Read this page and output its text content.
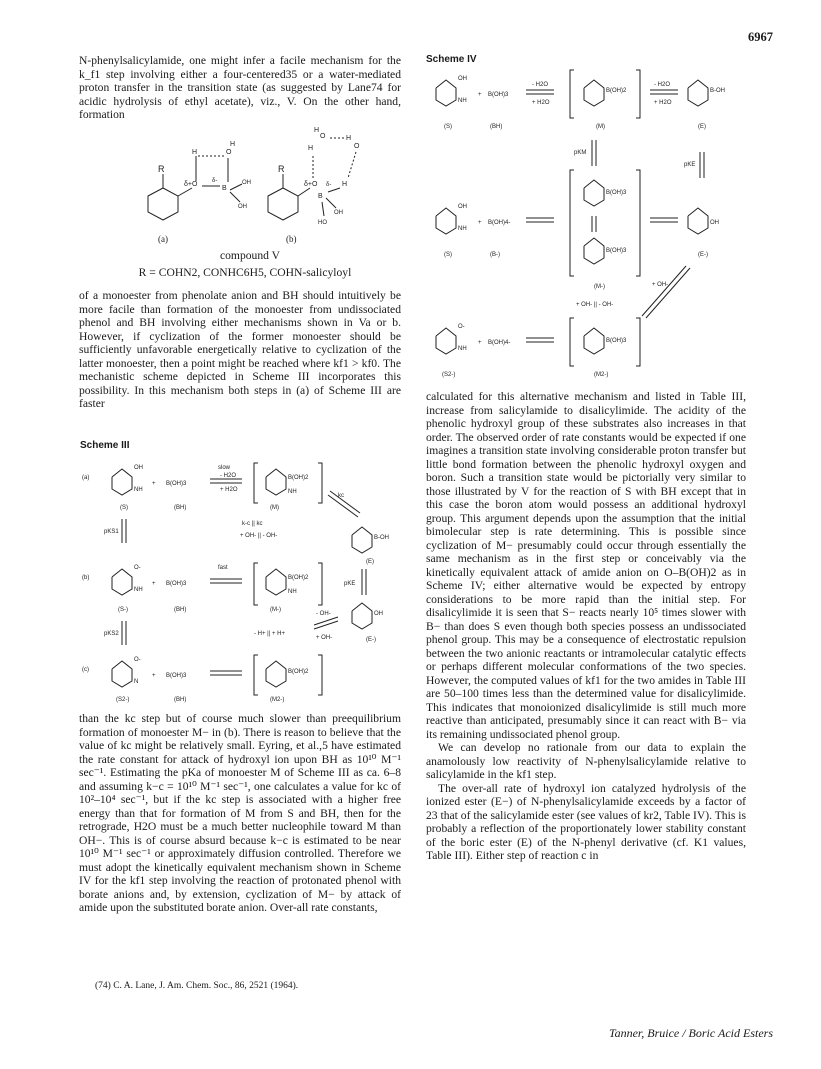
6967

N-phenylsalicylamide, one might infer a facile mechanism for the k_f1 step involving either a four-centered35 or a water-mediated proton transfer in the transition state (as suggested by Lane74 for acidic hydrolysis of ethyl acetate), viz., V. On the other hand, formation

R
δ+O
H	O
H
B
δ-	OH
OH
R
δ+O
H
O
H
H
O
H
B
δ-
HO
OH
(a)	(b)
compound V
R = COHN2, CONHC6H5, COHN-salicyloyl

of a monoester from phenolate anion and BH should intuitively be more facile than formation of the monoester from undissociated phenol and BH involving either mechanisms shown in Va or b. However, if cyclization of the former monoester should be sufficiently unfavorable energetically relative to cyclization of the latter monoester, then a point might be reached where kf1 > kf0. The mechanistic scheme depicted in Scheme III incorporates this possibility. In this mechanism both steps in (a) of Scheme III are faster

Scheme III
(a)
OH
NH
+ B(OH)3
slow
- H2O
+ H2O
B(OH)2
NH
(S)	(BH)	(M)
kc
B-OH
(E)
pKS1
k-c || kc
+ OH- || - OH-
(b)
O-
NH
+ B(OH)3
fast
B(OH)2
NH
(S-)	(BH)	(M-)
pKE
pKS2	- H+ || + H+
OH
(E-)
- OH-
+ OH-
(c)
O-
N
+ B(OH)3
B(OH)2
(S2-)	(BH)	(M2-)

than the kc step but of course much slower than preequilibrium formation of monoester M− in (b). There is reason to believe that the value of kc might be relatively small. Eyring, et al.,5 have estimated the rate constant for attack of hydroxyl ion upon BH as 10¹⁰ M⁻¹ sec⁻¹. Estimating the pKa of monoester M of Scheme III as ca. 6–8 and assuming k−c = 10¹⁰ M⁻¹ sec⁻¹, one calculates a value for kc of 10²–10⁴ sec⁻¹, but if the kc step is associated with a higher free energy than that for formation of M from S and BH, then for the retrograde, H2O must be a much better nucleophile toward M than OH−. This is of course absurd because k−c is estimated to be near 10¹⁰ M⁻¹ sec⁻¹ or approximately diffusion controlled. Therefore we must adopt the kinetically equivalent mechanism shown in Scheme IV for the kf1 step involving the reaction of protonated phenol with borate anions and, by extension, cyclization of M− by attack of amide upon the substituted borate anion. Over-all rate constants,

(74) C. A. Lane, J. Am. Chem. Soc., 86, 2521 (1964).
Scheme IV
OH
NH
+ B(OH)3
- H2O
+ H2O
B(OH)2
- H2O
+ H2O
B-OH
(S)	(BH)	(M)	(E)
pKM
pKE
OH
NH
+ B(OH)4-
B(OH)3
B(OH)3
OH
(S)	(B-)	(E-)
(M-)	+ OH-
+ OH- || - OH-
O-
NH
+ B(OH)4-	B(OH)3
(S2-)	(M2-)

calculated for this alternative mechanism and listed in Table III, increase from salicylamide to disalicylimide. The acidity of the phenolic hydroxyl group of these substrates also increases in that order. The observed order of rate constants would be expected if one imagines a transition state involving considerable proton transfer but little bond formation between the phenolic hydroxyl oxygen and boron. Such a transition state would be pictorially very similar to those illustrated by V for the reaction of S with BH except that in this case the boron atom would possess an additional hydroxyl group. This argument depends upon the assumption that the initial bimolecular step is rate determining. This is possible since cyclization of M− presumably could occur through essentially the same mechanism as in the first step or conceivably via the kinetically equivalent attack of amide anion on O–B(OH)2 as in Scheme IV; either alternative would be expected by entropy considerations to be more rapid than the initial step. For disalicylimide it is seen that S− reacts nearly 10⁵ times slower with B− than does S even though both species possess an undissociated phenol group. This may be a consequence of electrostatic repulsion between the two anionic reactants or intramolecular catalytic effects or perhaps different molecular conformations of the two species. However, the computed values of kf1 for the two amides in Table III are 50–100 times less than the determined value for disalicylimide. This indicates that monoionized disalicylimide is still much more reactive than anticipated, presumably since it can react with B− via its remaining undissociated phenol group.

We can develop no rationale from our data to explain the anamolously low reactivity of N-phenylsalicylamide relative to salicylamide in the kf1 step.

The over-all rate of hydroxyl ion catalyzed hydrolysis of the ionized ester (E−) of N-phenylsalicylamide exceeds by a factor of 23 that of the salicylamide ester (see values of kr2, Table IV). This is probably a reflection of the proportionately lower stability constant of the boric ester (E) of the N-phenyl derivative (cf. K1 values, Table III). Either step of reaction c in

Tanner, Bruice / Boric Acid Esters
